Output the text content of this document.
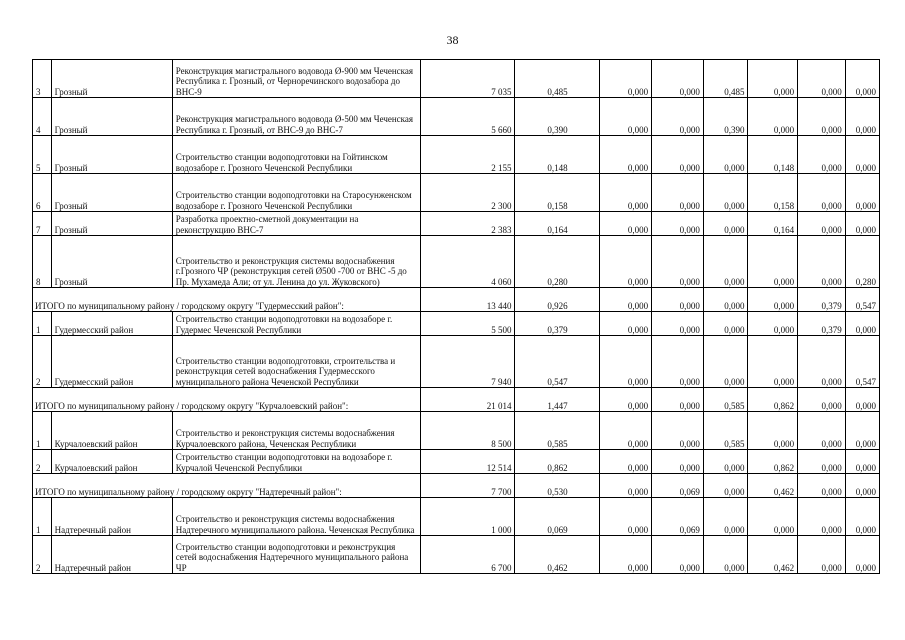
38
3	Грозный	Реконструкция магистрального водовода Ø-900 мм Чеченская Республика г. Грозный, от Черноречинского водозабора до ВНС-9	7 035	0,485	0,000	0,000	0,485	0,000	0,000	0,000
4	Грозный	Реконструкция магистрального водовода Ø-500 мм Чеченская Республика г. Грозный, от ВНС-9 до ВНС-7	5 660	0,390	0,000	0,000	0,390	0,000	0,000	0,000
5	Грозный	Строительство станции водоподготовки на Гойтинском водозаборе г. Грозного Чеченской Республики	2 155	0,148	0,000	0,000	0,000	0,148	0,000	0,000
6	Грозный	Строительство станции водоподготовки на Старосунженском водозаборе г. Грозного Чеченской Республики	2 300	0,158	0,000	0,000	0,000	0,158	0,000	0,000
7	Грозный	Разработка проектно-сметной документации на реконструкцию ВНС-7	2 383	0,164	0,000	0,000	0,000	0,164	0,000	0,000
8	Грозный	Строительство и реконструкция системы водоснабжения г.Грозного ЧР (реконструкция сетей Ø500 -700 от ВНС -5 до Пр. Мухамеда Али; от ул. Ленина до ул. Жуковского)	4 060	0,280	0,000	0,000	0,000	0,000	0,000	0,280
ИТОГО по муниципальному району / городскому округу "Гудермесский район":			13 440	0,926	0,000	0,000	0,000	0,000	0,379	0,547
1	Гудермесский район	Строительство станции водоподготовки на водозаборе г. Гудермес Чеченской Республики	5 500	0,379	0,000	0,000	0,000	0,000	0,379	0,000
2	Гудермесский район	Строительство станции водоподготовки, строительства и реконструкция сетей водоснабжения Гудермесского муниципального района Чеченской Республики	7 940	0,547	0,000	0,000	0,000	0,000	0,000	0,547
ИТОГО по муниципальному району / городскому округу "Курчалоевский район":			21 014	1,447	0,000	0,000	0,585	0,862	0,000	0,000
1	Курчалоевский район	Строительство и реконструкция системы водоснабжения Курчалоевского района, Чеченская Республики	8 500	0,585	0,000	0,000	0,585	0,000	0,000	0,000
2	Курчалоевский район	Строительство станции водоподготовки на водозаборе г. Курчалой Чеченской Республики	12 514	0,862	0,000	0,000	0,000	0,862	0,000	0,000
ИТОГО по муниципальному району / городскому округу "Надтеречный район":			7 700	0,530	0,000	0,069	0,000	0,462	0,000	0,000
1	Надтеречный район	Строительство и реконструкция системы водоснабжения Надтеречного муниципального района. Чеченская Республика	1 000	0,069	0,000	0,069	0,000	0,000	0,000	0,000
2	Надтеречный район	Строительство станции водоподготовки и реконструкция сетей водоснабжения Надтеречного муниципального района ЧР	6 700	0,462	0,000	0,000	0,000	0,462	0,000	0,000
